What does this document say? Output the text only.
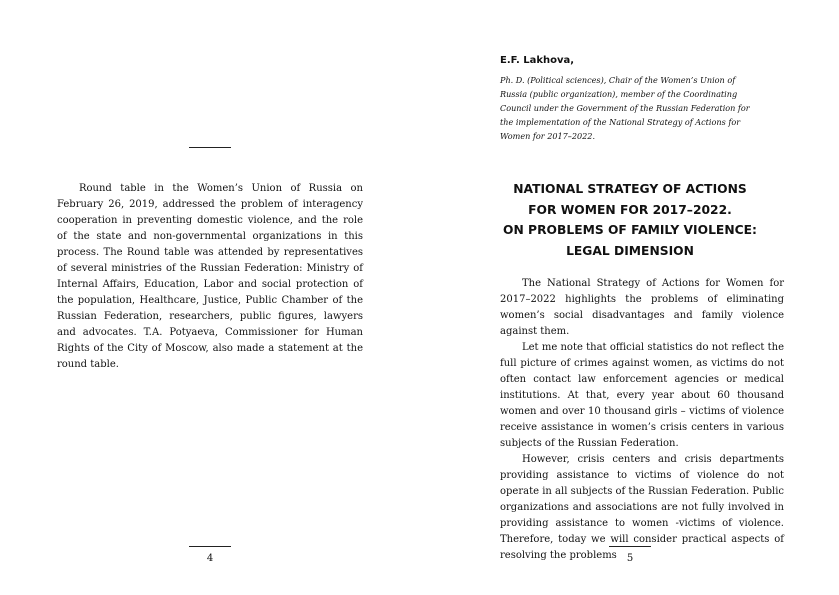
Round table in the Women’s Union of Russia on February 26, 2019, addressed the problem of interagency cooperation in preventing domestic violence, and the role of the state and non-governmental organizations in this process. The Round table was attended by representatives of several ministries of the Russian Federation: Ministry of Internal Affairs, Education, Labor and social protection of the population, Healthcare, Justice, Public Chamber of the Russian Federation, researchers, public figures, lawyers and advocates. T.A. Potyaeva, Commissioner for Human Rights of the City of Moscow, also made a statement at the round table.

4
E.F. Lakhova,

Ph. D. (Political sciences), Chair of the Women’s Union of Russia (public organization), member of the Coordinating Council under the Government of the Russian Federation for the implementation of the National Strategy of Actions for Women for 2017–2022.

NATIONAL STRATEGY OF ACTIONS
FOR WOMEN FOR 2017–2022.
ON PROBLEMS OF FAMILY VIOLENCE:
LEGAL DIMENSION

The National Strategy of Actions for Women for 2017–2022 highlights the problems of eliminating women’s social disadvantages and family violence against them.

Let me note that official statistics do not reflect the full picture of crimes against women, as victims do not often contact law enforcement agencies or medical institutions. At that, every year about 60 thousand women and over 10 thousand girls – victims of violence receive assistance in women’s crisis centers in various subjects of the Russian Federation.

However, crisis centers and crisis departments providing assistance to victims of violence do not operate in all subjects of the Russian Federation. Public organizations and associations are not fully involved in providing assistance to women -victims of violence. Therefore, today we will consider practical aspects of resolving the problems	5
